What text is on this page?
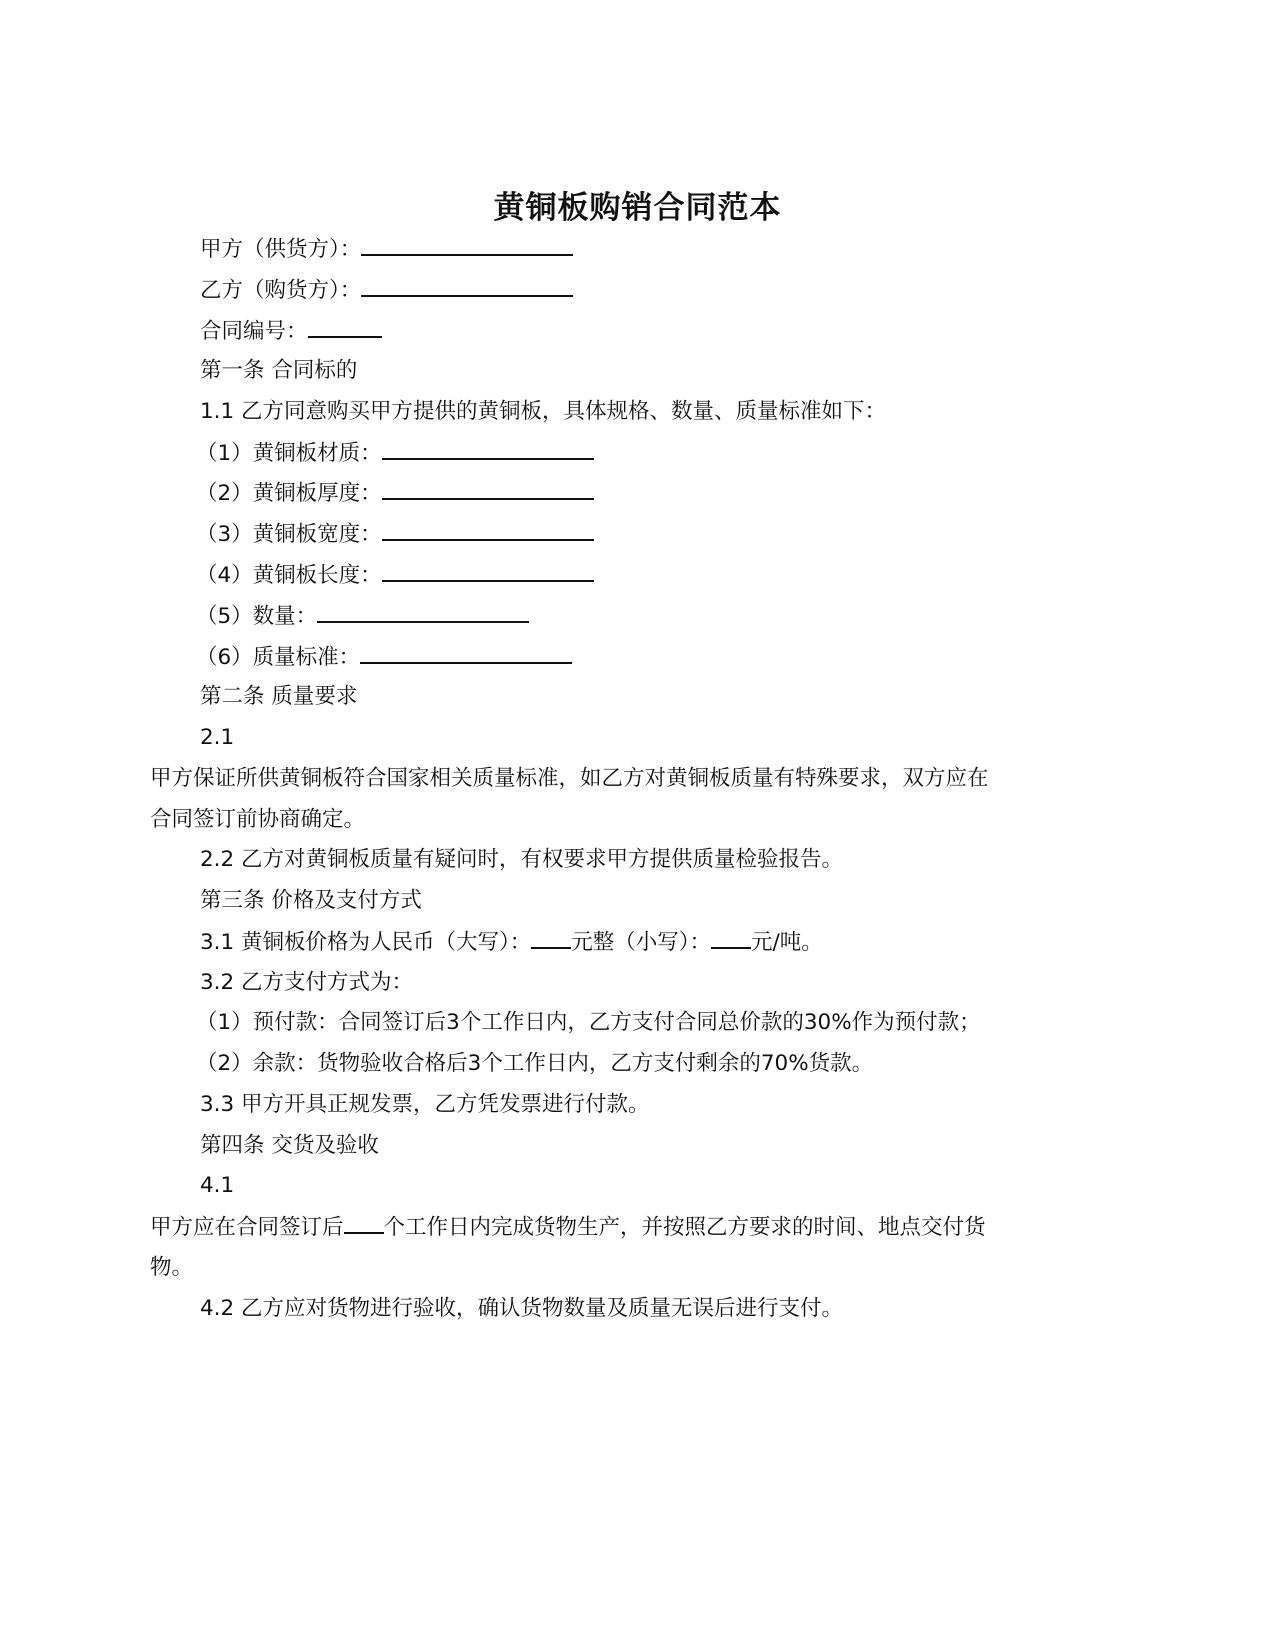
黄铜板购销合同范本
甲方（供货方）：
乙方（购货方）：
合同编号：
第一条 合同标的
1.1 乙方同意购买甲方提供的黄铜板，具体规格、数量、质量标准如下：
（1）黄铜板材质：
（2）黄铜板厚度：
（3）黄铜板宽度：
（4）黄铜板长度：
（5）数量：
（6）质量标准：
第二条 质量要求
2.1
甲方保证所供黄铜板符合国家相关质量标准，如乙方对黄铜板质量有特殊要求，双方应在
合同签订前协商确定。
2.2 乙方对黄铜板质量有疑问时，有权要求甲方提供质量检验报告。
第三条 价格及支付方式
3.1 黄铜板价格为人民币（大写）： 元整（小写）： 元/吨。
3.2 乙方支付方式为：
（1）预付款：合同签订后3个工作日内，乙方支付合同总价款的30%作为预付款；
（2）余款：货物验收合格后3个工作日内，乙方支付剩余的70%货款。
3.3 甲方开具正规发票，乙方凭发票进行付款。
第四条 交货及验收
4.1
甲方应在合同签订后 个工作日内完成货物生产，并按照乙方要求的时间、地点交付货
物。
4.2 乙方应对货物进行验收，确认货物数量及质量无误后进行支付。
